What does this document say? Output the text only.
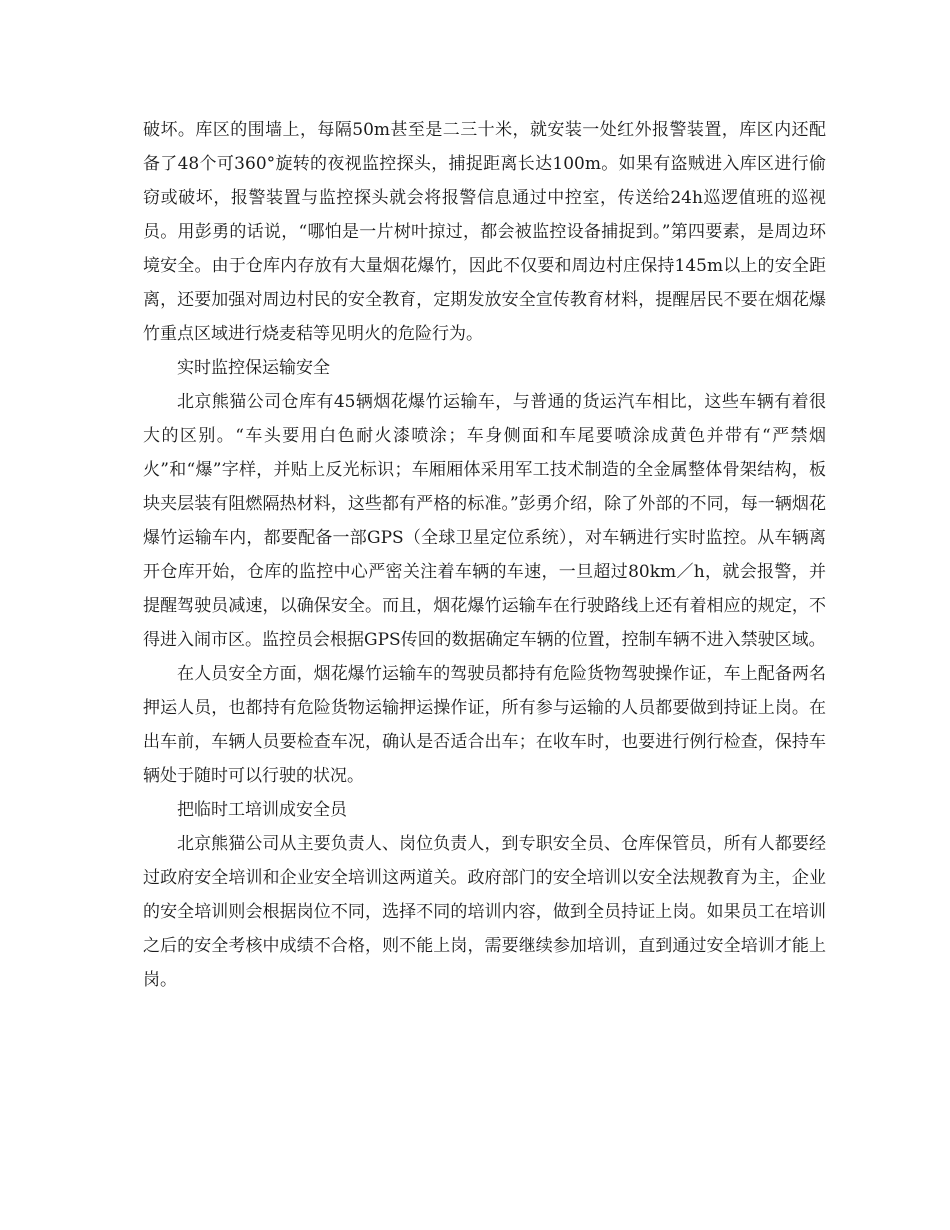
破坏。库区的围墙上，每隔50m甚至是二三十米，就安装一处红外报警装置，库区内还配备了48个可360°旋转的夜视监控探头，捕捉距离长达100m。如果有盗贼进入库区进行偷窃或破坏，报警装置与监控探头就会将报警信息通过中控室，传送给24h巡逻值班的巡视员。用彭勇的话说，“哪怕是一片树叶掠过，都会被监控设备捕捉到。”第四要素，是周边环境安全。由于仓库内存放有大量烟花爆竹，因此不仅要和周边村庄保持145m以上的安全距离，还要加强对周边村民的安全教育，定期发放安全宣传教育材料，提醒居民不要在烟花爆竹重点区域进行烧麦秸等见明火的危险行为。

实时监控保运输安全

北京熊猫公司仓库有45辆烟花爆竹运输车，与普通的货运汽车相比，这些车辆有着很大的区别。“车头要用白色耐火漆喷涂；车身侧面和车尾要喷涂成黄色并带有“严禁烟火”和“爆”字样，并贴上反光标识；车厢厢体采用军工技术制造的全金属整体骨架结构，板块夹层装有阻燃隔热材料，这些都有严格的标准。”彭勇介绍，除了外部的不同，每一辆烟花爆竹运输车内，都要配备一部GPS（全球卫星定位系统），对车辆进行实时监控。从车辆离开仓库开始，仓库的监控中心严密关注着车辆的车速，一旦超过80km／h，就会报警，并提醒驾驶员减速，以确保安全。而且，烟花爆竹运输车在行驶路线上还有着相应的规定，不得进入闹市区。监控员会根据GPS传回的数据确定车辆的位置，控制车辆不进入禁驶区域。

在人员安全方面，烟花爆竹运输车的驾驶员都持有危险货物驾驶操作证，车上配备两名押运人员，也都持有危险货物运输押运操作证，所有参与运输的人员都要做到持证上岗。在出车前，车辆人员要检查车况，确认是否适合出车；在收车时，也要进行例行检查，保持车辆处于随时可以行驶的状况。

把临时工培训成安全员

北京熊猫公司从主要负责人、岗位负责人，到专职安全员、仓库保管员，所有人都要经过政府安全培训和企业安全培训这两道关。政府部门的安全培训以安全法规教育为主，企业的安全培训则会根据岗位不同，选择不同的培训内容，做到全员持证上岗。如果员工在培训之后的安全考核中成绩不合格，则不能上岗，需要继续参加培训，直到通过安全培训才能上岗。
